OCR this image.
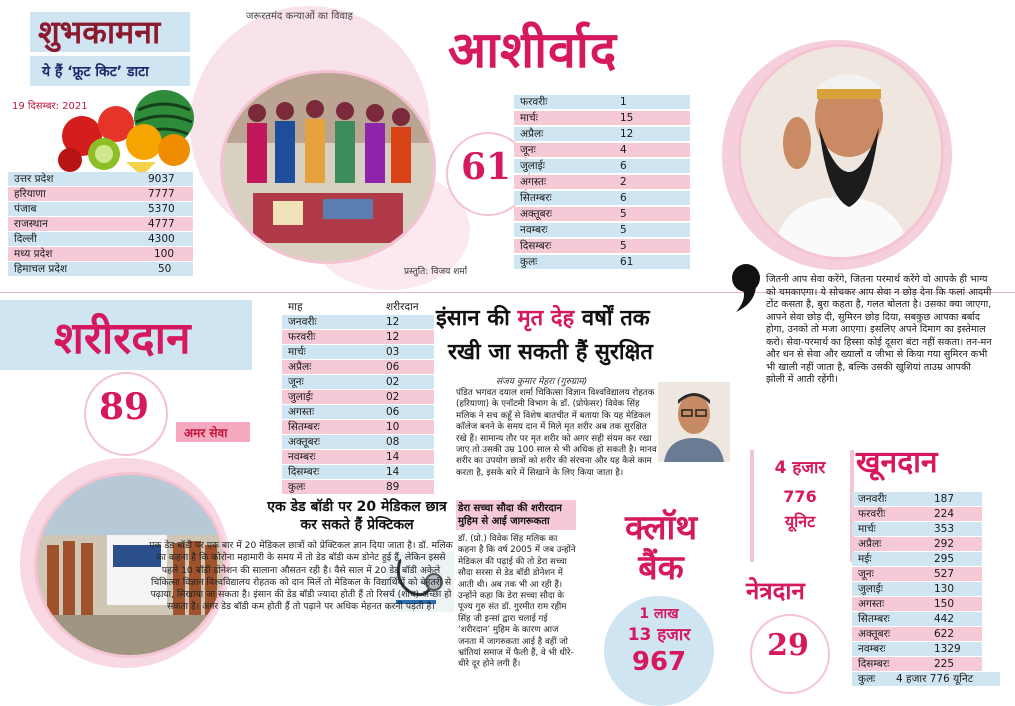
शुभकामना
ये हैं ‘फ्रूट किट’ डाटा
19 दिसम्बर: 2021
उत्तर प्रदेश	9037
हरियाणा	7777
पंजाब	5370
राजस्थान	4777
दिल्ली	4300
मध्य प्रदेश	100
हिमाचल प्रदेश	50
जरूरतमंद कन्याओं का विवाह
61
आशीर्वाद
प्रस्तुति: विजय शर्मा
फरवरीः	1
मार्चः	15
अप्रैलः	12
जूनः	4
जुलाईः	6
अगस्तः	2
सितम्बरः	6
अक्तूबरः	5
नवम्बरः	5
दिसम्बरः	5
कुलः	61
जितनी आप सेवा करेंगे, जितना परमार्थ करेंगे वो आपके ही भाग्य को चमकाएगा। ये सोचकर आप सेवा न छोड़ देना कि फलां आदमी टोंट कसता है, बुरा कहता है, गलत बोलता है। उसका क्या जाएगा, आपने सेवा छोड़ दी, सुमिरन छोड़ दिया, सबकुछ आपका बर्बाद होगा, उनको तो मजा आएगा। इसलिए अपने दिमाग का इस्तेमाल करो। सेवा-परमार्थ का हिस्सा कोई दूसरा बंटा नहीं सकता। तन-मन और धन से सेवा और ख्यालों व जीभा से किया गया सुमिरन कभी भी खाली नहीं जाता है, बल्कि उसकी खुशियां ताउम्र आपकी झोली में आती रहेंगी।
शरीरदान
89
अमर सेवा
माह	शरीरदान
जनवरीः	12
फरवरीः	12
मार्चः	03
अप्रैलः	06
जूनः	02
जुलाईः	02
अगस्तः	06
सितम्बरः	10
अक्तूबरः	08
नवम्बरः	14
दिसम्बरः	14
कुलः	89
इंसान की मृत देह वर्षों तक
रखी जा सकती हैं सुरक्षित
संजय कुमार मेहरा (गुरुग्राम)
पंडित भगवत दयाल शर्मा चिकित्सा विज्ञान विश्वविद्यालय रोहतक (हरियाणा) के एनॉटमी विभाग के डॉ. (प्रोफेसर) विवेक सिंह मलिक ने सच कहूँ से विशेष बातचीत में बताया कि यह मेडिकल कॉलेज बनने के समय दान में मिले मृत शरीर अब तक सुरक्षित रखे हैं। सामान्य तौर पर मृत शरीर को अगर सही संयम कर रखा जाए तो उसकी उम्र 100 साल से भी अधिक हो सकती है। मानव शरीर का उपयोग छात्रों को शरीर की संरचना और यह कैसे काम करता है, इसके बारे में सिखाने के लिए किया जाता है।
एक डेड बॉडी पर 20 मेडिकल छात्र
कर सकते हैं प्रेक्टिकल
एक डेड बॉडी पर एक बार में 20 मेडिकल छात्रों को प्रेक्टिकल ज्ञान दिया जाता है। डॉ. मलिक का कहना है कि कोरोना महामारी के समय में तो डेड बॉडी कम डोनेट हुई हैं, लेकिन इससे पहले 10 बॉडी डोनेशन की सालाना औसतन रही है। वैसे साल में 20 डेड बॉडी अकेले चिकित्सा विज्ञान विश्वविद्यालय रोहतक को दान मिलें तो मेडिकल के विद्यार्थियों को बेहतरी से पढ़ाया, सिखाया जा सकता है। इंसान की डेड बॉडी ज्यादा होती हैं तो रिसर्च (शोध) अच्छा हो सकता है। अगर डेड बॉडी कम होती हैं तो पढ़ाने पर अधिक मेहनत करनी पड़ती है।
डेरा सच्चा सौदा की शरीरदान
मुहिम से आई जागरूकता
डॉ. (प्रो.) विवेक सिंह मलिक का कहना है कि वर्ष 2005 में जब उन्होंने मेडिकल की पढ़ाई की तो डेरा सच्चा सौदा सरसा से डेड बॉडी डोनेशन में आती थी। अब तक भी आ रही हैं। उन्होंने कहा कि डेरा सच्चा सौदा के पूज्य गुरु संत डॉ. गुरमीत राम रहीम सिंह जी इन्सां द्वारा चलाई गई ‘शरीरदान’ मुहिम के कारण आज जनता में जागरुकता आई है वहीं जो भ्रांतियां समाज में फैली हैं, वे भी धीरे-धीरे दूर होने लगी हैं।
क्लॉथ
बैंक
1 लाख
13 हजार
967
4 हजार
776
यूनिट
नेत्रदान
29
खूनदान
जनवरीः	187
फरवरीः	224
मार्चः	353
अप्रैलः	292
मईः	295
जूनः	527
जुलाईः	130
अगस्तः	150
सितम्बरः	442
अक्तूबरः	622
नवम्बरः	1329
दिसम्बरः	225
कुलः 4 हजार 776 यूनिट
